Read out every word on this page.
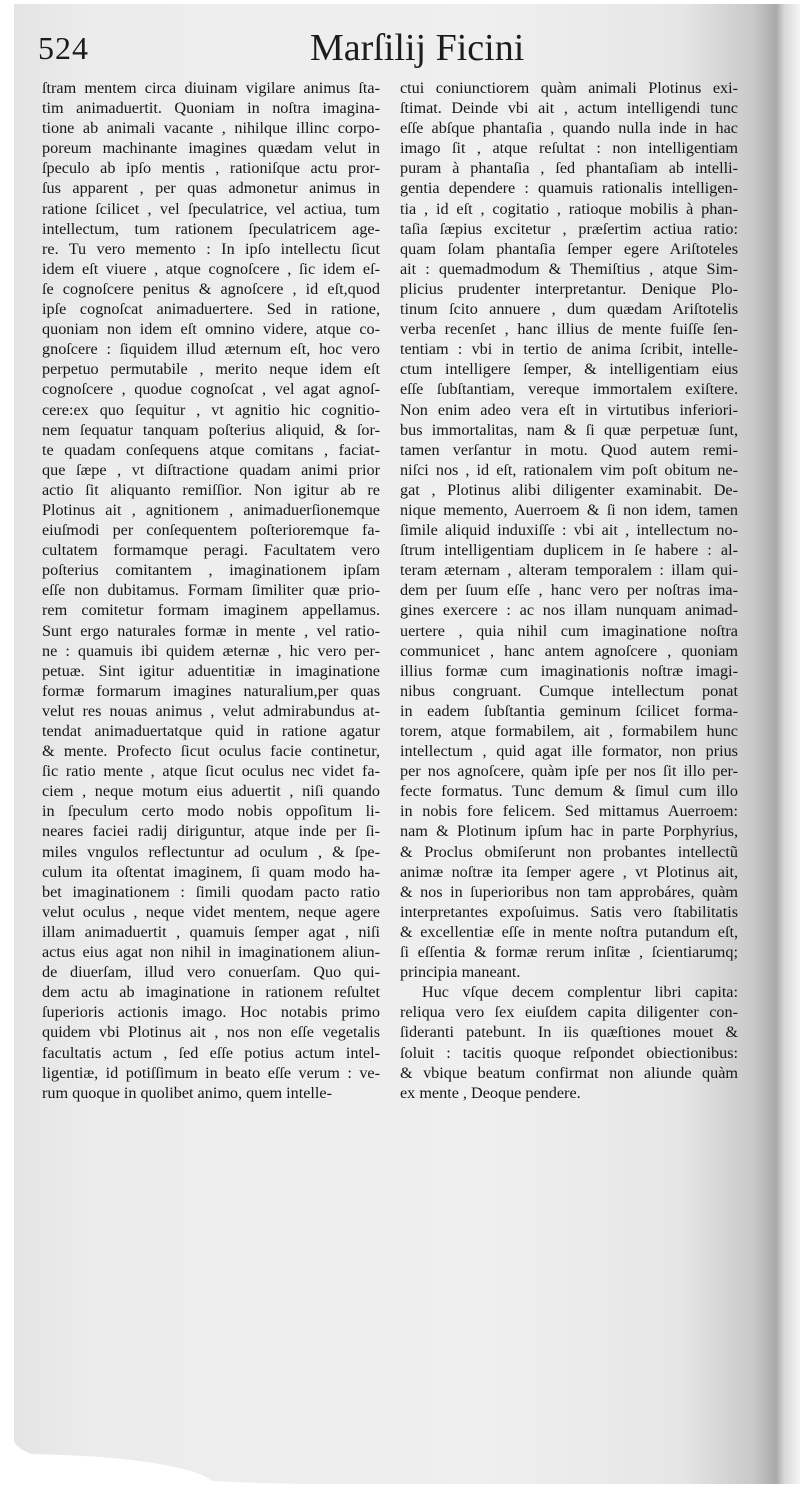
524	Marſilij Ficini
ſtram mentem circa diuinam vigilare animus ſta-
tim animaduertit. Quoniam in noſtra imagina-
tione ab animali vacante , nihilque illinc corpo-
poreum machinante imagines quædam velut in
ſpeculo ab ipſo mentis , rationiſque actu pror-
ſus apparent , per quas admonetur animus in
ratione ſcilicet , vel ſpeculatrice, vel actiua, tum
intellectum, tum rationem ſpeculatricem age-
re. Tu vero memento : In ipſo intellectu ſicut
idem eſt viuere , atque cognoſcere , ſic idem eſ-
ſe cognoſcere penitus & agnoſcere , id eſt,quod
ipſe cognoſcat animaduertere. Sed in ratione,
quoniam non idem eſt omnino videre, atque co-
gnoſcere : ſiquidem illud æternum eſt, hoc vero
perpetuo permutabile , merito neque idem eſt
cognoſcere , quodue cognoſcat , vel agat agnoſ-
cere:ex quo ſequitur , vt agnitio hic cognitio-
nem ſequatur tanquam poſterius aliquid, & ſor-
te quadam conſequens atque comitans , faciat-
que ſæpe , vt diſtractione quadam animi prior
actio ſit aliquanto remiſſior. Non igitur ab re
Plotinus ait , agnitionem , animaduerſionemque
eiuſmodi per conſequentem poſterioremque fa-
cultatem formamque peragi. Facultatem vero
poſterius comitantem , imaginationem ipſam
eſſe non dubitamus. Formam ſimiliter quæ prio-
rem comitetur formam imaginem appellamus.
Sunt ergo naturales formæ in mente , vel ratio-
ne : quamuis ibi quidem æternæ , hic vero per-
petuæ. Sint igitur aduentitiæ in imaginatione
formæ formarum imagines naturalium,per quas
velut res nouas animus , velut admirabundus at-
tendat animaduertatque quid in ratione agatur
& mente. Profecto ſicut oculus facie continetur,
ſic ratio mente , atque ſicut oculus nec videt fa-
ciem , neque motum eius aduertit , niſi quando
in ſpeculum certo modo nobis oppoſitum li-
neares faciei radij diriguntur, atque inde per ſi-
miles vngulos reflectuntur ad oculum , & ſpe-
culum ita oſtentat imaginem, ſi quam modo ha-
bet imaginationem : ſimili quodam pacto ratio
velut oculus , neque videt mentem, neque agere
illam animaduertit , quamuis ſemper agat , niſi
actus eius agat non nihil in imaginationem aliun-
de diuerſam, illud vero conuerſam. Quo qui-
dem actu ab imaginatione in rationem reſultet
ſuperioris actionis imago. Hoc notabis primo
quidem vbi Plotinus ait , nos non eſſe vegetalis
facultatis actum , ſed eſſe potius actum intel-
ligentiæ, id potiſſimum in beato eſſe verum : ve-
rum quoque in quolibet animo, quem intelle-
ctui coniunctiorem quàm animali Plotinus exi-
ſtimat. Deinde vbi ait , actum intelligendi tunc
eſſe abſque phantaſia , quando nulla inde in hac
imago ſit , atque reſultat : non intelligentiam
puram à phantaſia , ſed phantaſiam ab intelli-
gentia dependere : quamuis rationalis intelligen-
tia , id eſt , cogitatio , ratioque mobilis à phan-
taſia ſæpius excitetur , præſertim actiua ratio:
quam ſolam phantaſia ſemper egere Ariſtoteles
ait : quemadmodum & Themiſtius , atque Sim-
plicius prudenter interpretantur. Denique Plo-
tinum ſcito annuere , dum quædam Ariſtotelis
verba recenſet , hanc illius de mente fuiſſe ſen-
tentiam : vbi in tertio de anima ſcribit, intelle-
ctum intelligere ſemper, & intelligentiam eius
eſſe ſubſtantiam, vereque immortalem exiſtere.
Non enim adeo vera eſt in virtutibus inferiori-
bus immortalitas, nam & ſi quæ perpetuæ ſunt,
tamen verſantur in motu. Quod autem remi-
niſci nos , id eſt, rationalem vim poſt obitum ne-
gat , Plotinus alibi diligenter examinabit. De-
nique memento, Auerroem & ſi non idem, tamen
ſimile aliquid induxiſſe : vbi ait , intellectum no-
ſtrum intelligentiam duplicem in ſe habere : al-
teram æternam , alteram temporalem : illam qui-
dem per ſuum eſſe , hanc vero per noſtras ima-
gines exercere : ac nos illam nunquam animad-
uertere , quia nihil cum imaginatione noſtra
communicet , hanc antem agnoſcere , quoniam
illius formæ cum imaginationis noſtræ imagi-
nibus congruant. Cumque intellectum ponat
in eadem ſubſtantia geminum ſcilicet forma-
torem, atque formabilem, ait , formabilem hunc
intellectum , quid agat ille formator, non prius
per nos agnoſcere, quàm ipſe per nos ſit illo per-
fecte formatus. Tunc demum & ſimul cum illo
in nobis fore felicem. Sed mittamus Auerroem:
nam & Plotinum ipſum hac in parte Porphyrius,
& Proclus obmiſerunt non probantes intellectũ
animæ noſtræ ita ſemper agere , vt Plotinus ait,
& nos in ſuperioribus non tam approbáres, quàm
interpretantes expoſuimus. Satis vero ſtabilitatis
& excellentiæ eſſe in mente noſtra putandum eſt,
ſi eſſentia & formæ rerum inſitæ , ſcientiarumq;
principia maneant.
Huc vſque decem complentur libri capita:
reliqua vero ſex eiuſdem capita diligenter con-
ſideranti patebunt. In iis quæſtiones mouet &
ſoluit : tacitis quoque reſpondet obiectionibus:
& vbique beatum confirmat non aliunde quàm
ex mente , Deoque pendere.
